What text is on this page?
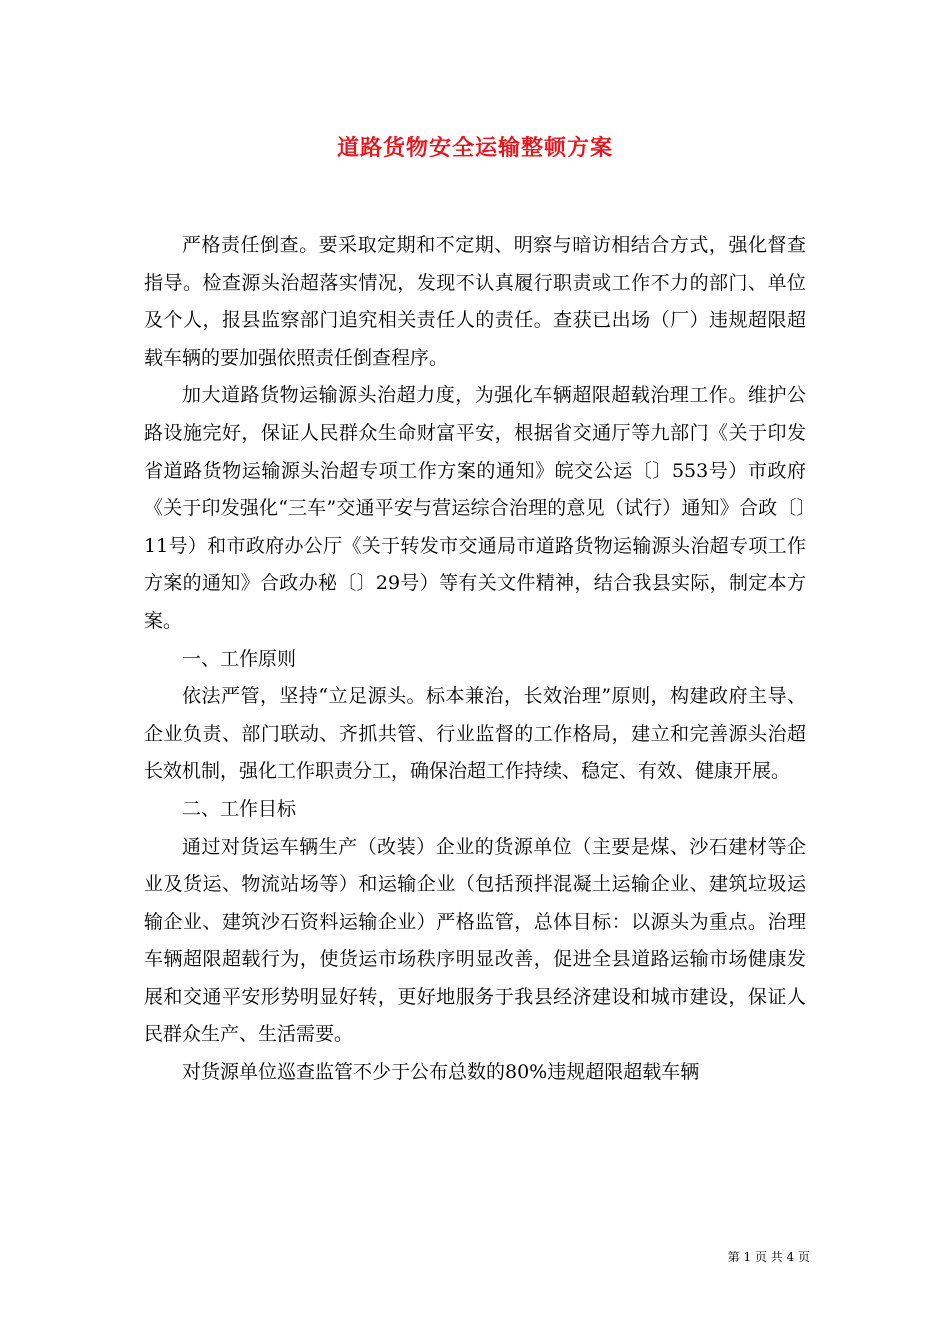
道路货物安全运输整顿方案

严格责任倒查。要采取定期和不定期、明察与暗访相结合方式，强化督查指导。检查源头治超落实情况，发现不认真履行职责或工作不力的部门、单位及个人，报县监察部门追究相关责任人的责任。查获已出场（厂）违规超限超载车辆的要加强依照责任倒查程序。

加大道路货物运输源头治超力度，为强化车辆超限超载治理工作。维护公路设施完好，保证人民群众生命财富平安，根据省交通厅等九部门《关于印发省道路货物运输源头治超专项工作方案的通知》皖交公运〔〕553号）市政府《关于印发强化“三车”交通平安与营运综合治理的意见（试行）通知》合政〔〕11号）和市政府办公厅《关于转发市交通局市道路货物运输源头治超专项工作方案的通知》合政办秘〔〕29号）等有关文件精神，结合我县实际，制定本方案。

一、工作原则

依法严管，坚持“立足源头。标本兼治，长效治理”原则，构建政府主导、企业负责、部门联动、齐抓共管、行业监督的工作格局，建立和完善源头治超长效机制，强化工作职责分工，确保治超工作持续、稳定、有效、健康开展。

二、工作目标

通过对货运车辆生产（改装）企业的货源单位（主要是煤、沙石建材等企业及货运、物流站场等）和运输企业（包括预拌混凝土运输企业、建筑垃圾运输企业、建筑沙石资料运输企业）严格监管，总体目标：以源头为重点。治理车辆超限超载行为，使货运市场秩序明显改善，促进全县道路运输市场健康发展和交通平安形势明显好转，更好地服务于我县经济建设和城市建设，保证人民群众生产、生活需要。

对货源单位巡查监管不少于公布总数的80%违规超限超载车辆

第 1 页 共 4 页
